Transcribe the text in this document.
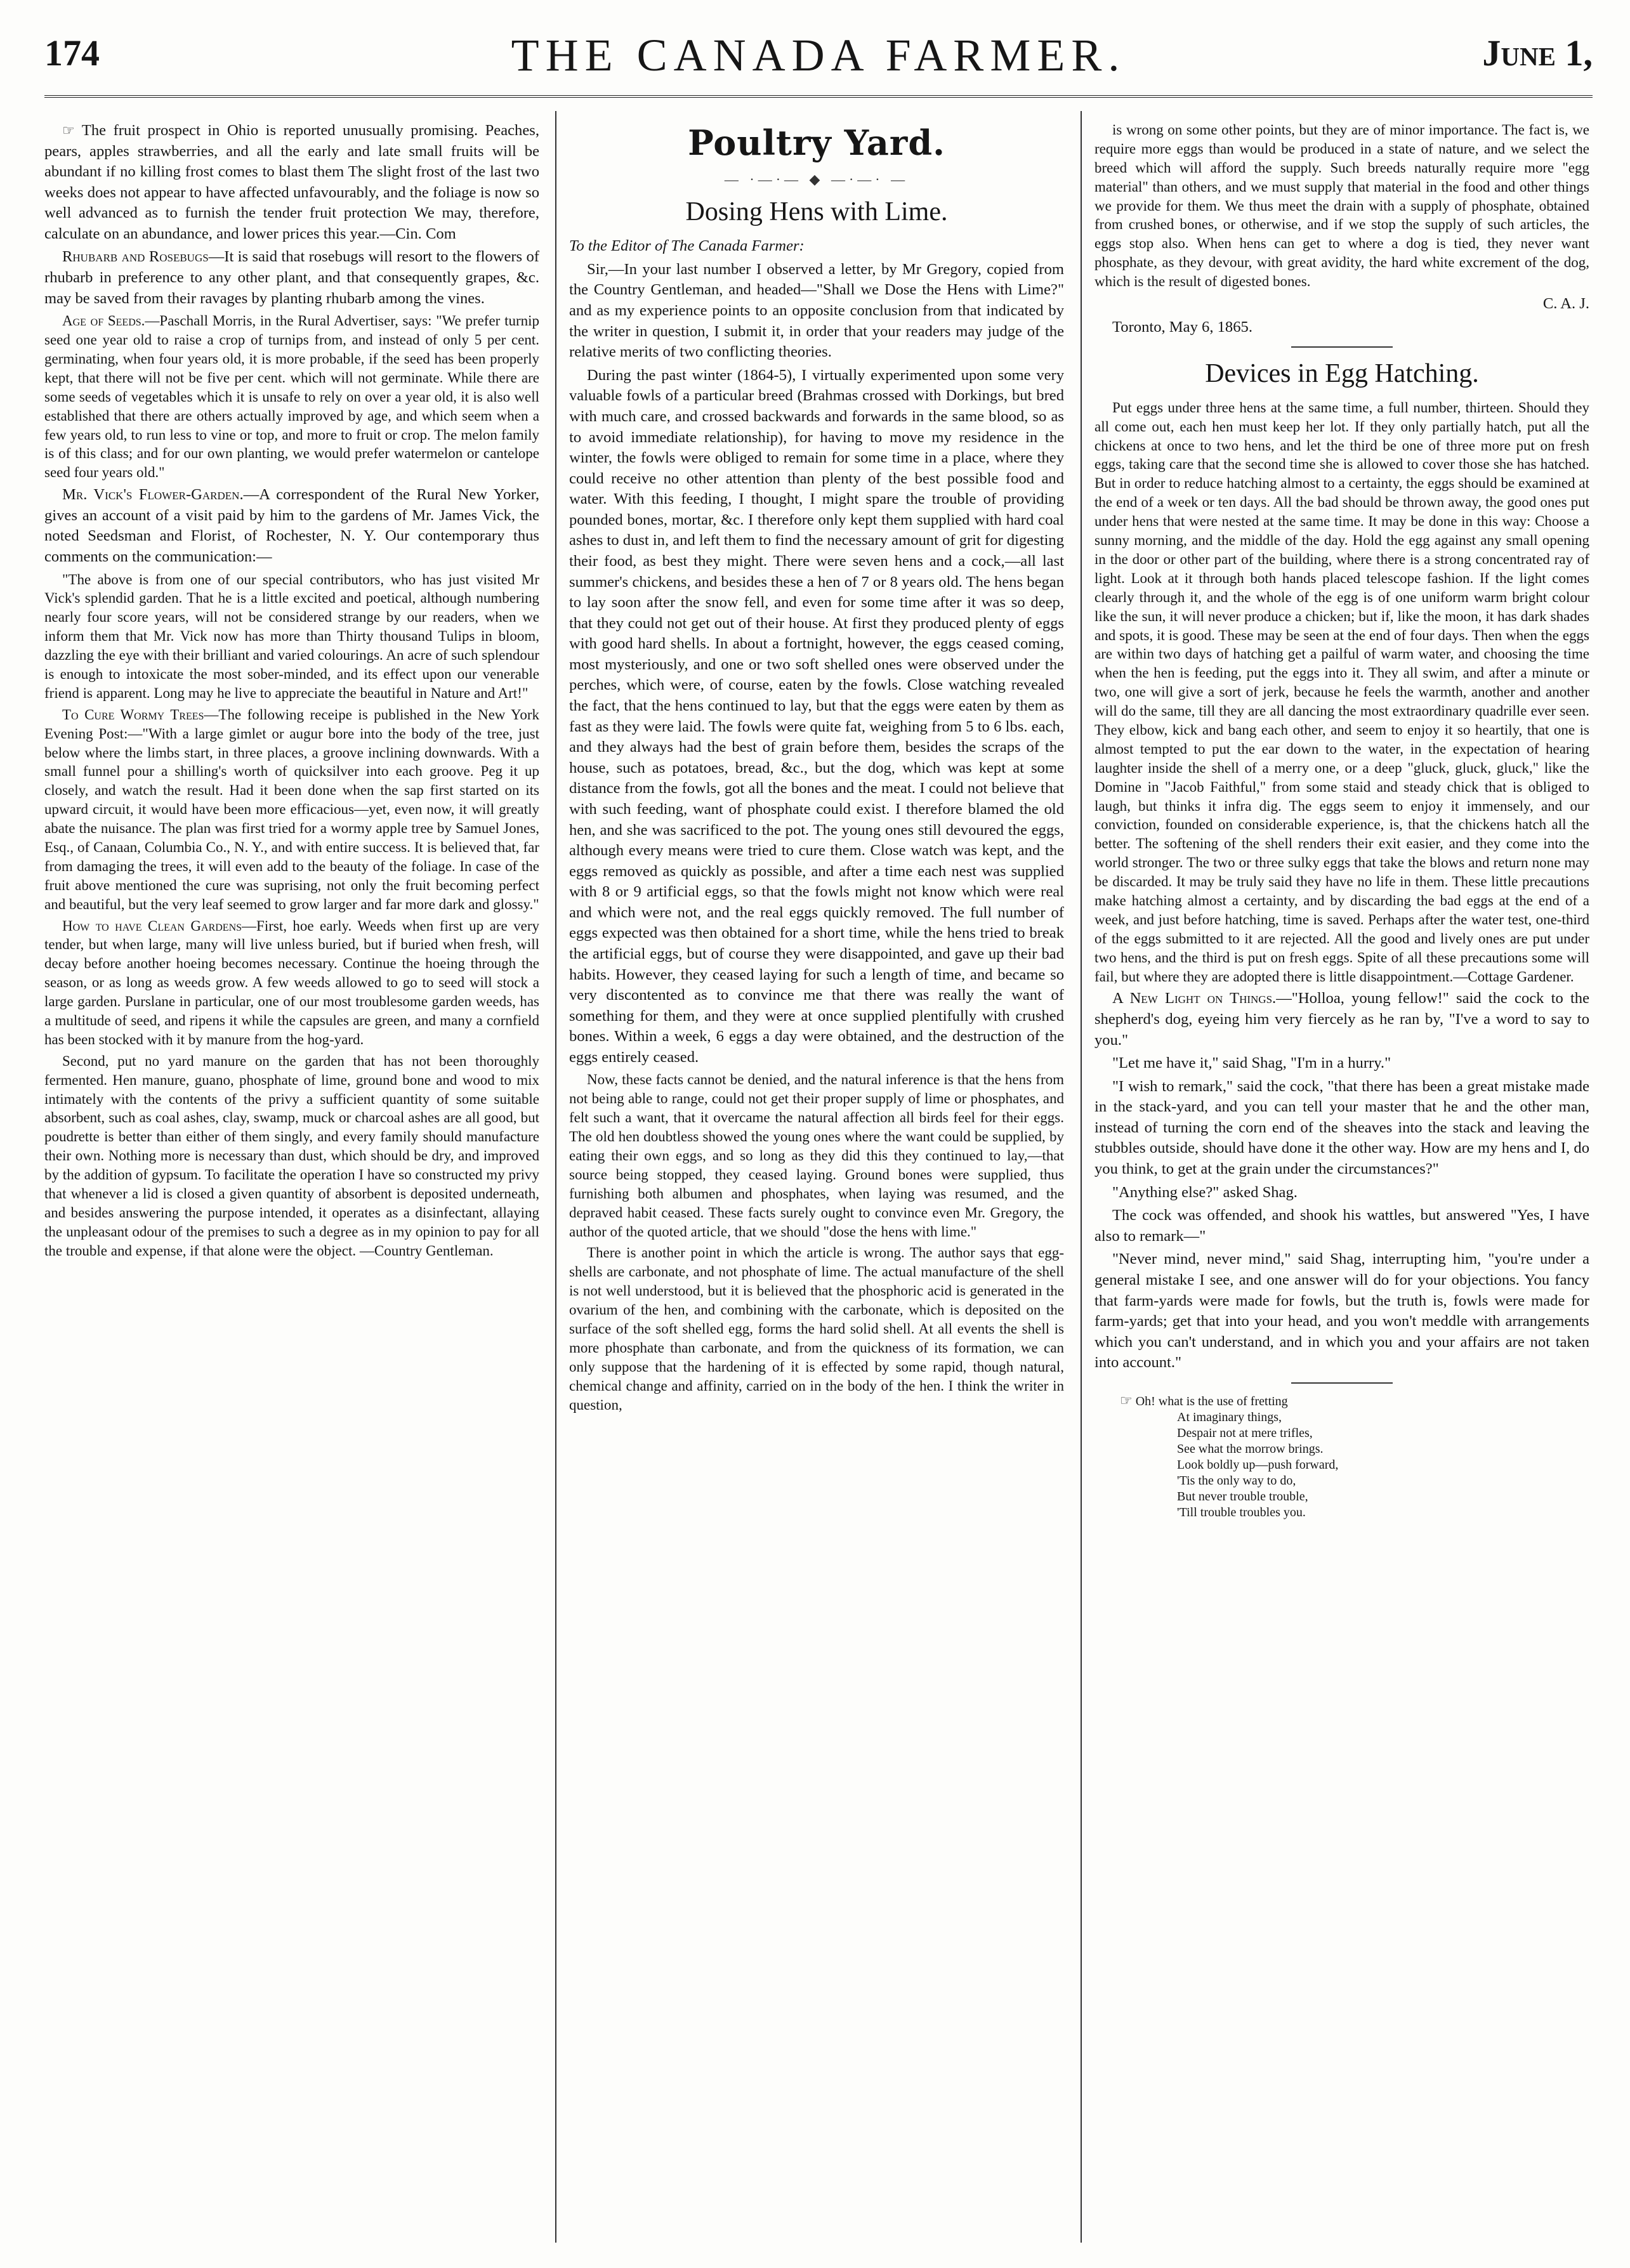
174	THE CANADA FARMER.	June 1,

☞ The fruit prospect in Ohio is reported unusually promising. Peaches, pears, apples strawberries, and all the early and late small fruits will be abundant if no killing frost comes to blast them The slight frost of the last two weeks does not appear to have affected unfavourably, and the foliage is now so well advanced as to furnish the tender fruit protection We may, therefore, calculate on an abundance, and lower prices this year.—Cin. Com

Rhubarb and Rosebugs—It is said that rosebugs will resort to the flowers of rhubarb in preference to any other plant, and that consequently grapes, &c. may be saved from their ravages by planting rhubarb among the vines.

Age of Seeds.—Paschall Morris, in the Rural Advertiser, says: "We prefer turnip seed one year old to raise a crop of turnips from, and instead of only 5 per cent. germinating, when four years old, it is more probable, if the seed has been properly kept, that there will not be five per cent. which will not germinate. While there are some seeds of vegetables which it is unsafe to rely on over a year old, it is also well established that there are others actually improved by age, and which seem when a few years old, to run less to vine or top, and more to fruit or crop. The melon family is of this class; and for our own planting, we would prefer watermelon or cantelope seed four years old."

Mr. Vick's Flower-Garden.—A correspondent of the Rural New Yorker, gives an account of a visit paid by him to the gardens of Mr. James Vick, the noted Seedsman and Florist, of Rochester, N. Y. Our contemporary thus comments on the communication:—

"The above is from one of our special contributors, who has just visited Mr Vick's splendid garden. That he is a little excited and poetical, although numbering nearly four score years, will not be considered strange by our readers, when we inform them that Mr. Vick now has more than Thirty thousand Tulips in bloom, dazzling the eye with their brilliant and varied colourings. An acre of such splendour is enough to intoxicate the most sober-minded, and its effect upon our venerable friend is apparent. Long may he live to appreciate the beautiful in Nature and Art!"

To Cure Wormy Trees—The following receipe is published in the New York Evening Post:—"With a large gimlet or augur bore into the body of the tree, just below where the limbs start, in three places, a groove inclining downwards. With a small funnel pour a shilling's worth of quicksilver into each groove. Peg it up closely, and watch the result. Had it been done when the sap first started on its upward circuit, it would have been more efficacious—yet, even now, it will greatly abate the nuisance. The plan was first tried for a wormy apple tree by Samuel Jones, Esq., of Canaan, Columbia Co., N. Y., and with entire success. It is believed that, far from damaging the trees, it will even add to the beauty of the foliage. In case of the fruit above mentioned the cure was suprising, not only the fruit becoming perfect and beautiful, but the very leaf seemed to grow larger and far more dark and glossy."

How to have Clean Gardens—First, hoe early. Weeds when first up are very tender, but when large, many will live unless buried, but if buried when fresh, will decay before another hoeing becomes necessary. Continue the hoeing through the season, or as long as weeds grow. A few weeds allowed to go to seed will stock a large garden. Purslane in particular, one of our most troublesome garden weeds, has a multitude of seed, and ripens it while the capsules are green, and many a cornfield has been stocked with it by manure from the hog-yard.

Second, put no yard manure on the garden that has not been thoroughly fermented. Hen manure, guano, phosphate of lime, ground bone and wood to mix intimately with the contents of the privy a sufficient quantity of some suitable absorbent, such as coal ashes, clay, swamp, muck or charcoal ashes are all good, but poudrette is better than either of them singly, and every family should manufacture their own. Nothing more is necessary than dust, which should be dry, and improved by the addition of gypsum. To facilitate the operation I have so constructed my privy that whenever a lid is closed a given quantity of absorbent is deposited underneath, and besides answering the purpose intended, it operates as a disinfectant, allaying the unpleasant odour of the premises to such a degree as in my opinion to pay for all the trouble and expense, if that alone were the object. —Country Gentleman.

Poultry Yard.
— ·—·— ◆ —·—· —
Dosing Hens with Lime.

To the Editor of The Canada Farmer:

Sir,—In your last number I observed a letter, by Mr Gregory, copied from the Country Gentleman, and headed—"Shall we Dose the Hens with Lime?" and as my experience points to an opposite conclusion from that indicated by the writer in question, I submit it, in order that your readers may judge of the relative merits of two conflicting theories.

During the past winter (1864-5), I virtually experimented upon some very valuable fowls of a particular breed (Brahmas crossed with Dorkings, but bred with much care, and crossed backwards and forwards in the same blood, so as to avoid immediate relationship), for having to move my residence in the winter, the fowls were obliged to remain for some time in a place, where they could receive no other attention than plenty of the best possible food and water. With this feeding, I thought, I might spare the trouble of providing pounded bones, mortar, &c. I therefore only kept them supplied with hard coal ashes to dust in, and left them to find the necessary amount of grit for digesting their food, as best they might. There were seven hens and a cock,—all last summer's chickens, and besides these a hen of 7 or 8 years old. The hens began to lay soon after the snow fell, and even for some time after it was so deep, that they could not get out of their house. At first they produced plenty of eggs with good hard shells. In about a fortnight, however, the eggs ceased coming, most mysteriously, and one or two soft shelled ones were observed under the perches, which were, of course, eaten by the fowls. Close watching revealed the fact, that the hens continued to lay, but that the eggs were eaten by them as fast as they were laid. The fowls were quite fat, weighing from 5 to 6 lbs. each, and they always had the best of grain before them, besides the scraps of the house, such as potatoes, bread, &c., but the dog, which was kept at some distance from the fowls, got all the bones and the meat. I could not believe that with such feeding, want of phosphate could exist. I therefore blamed the old hen, and she was sacrificed to the pot. The young ones still devoured the eggs, although every means were tried to cure them. Close watch was kept, and the eggs removed as quickly as possible, and after a time each nest was supplied with 8 or 9 artificial eggs, so that the fowls might not know which were real and which were not, and the real eggs quickly removed. The full number of eggs expected was then obtained for a short time, while the hens tried to break the artificial eggs, but of course they were disappointed, and gave up their bad habits. However, they ceased laying for such a length of time, and became so very discontented as to convince me that there was really the want of something for them, and they were at once supplied plentifully with crushed bones. Within a week, 6 eggs a day were obtained, and the destruction of the eggs entirely ceased.

Now, these facts cannot be denied, and the natural inference is that the hens from not being able to range, could not get their proper supply of lime or phosphates, and felt such a want, that it overcame the natural affection all birds feel for their eggs. The old hen doubtless showed the young ones where the want could be supplied, by eating their own eggs, and so long as they did this they continued to lay,—that source being stopped, they ceased laying. Ground bones were supplied, thus furnishing both albumen and phosphates, when laying was resumed, and the depraved habit ceased. These facts surely ought to convince even Mr. Gregory, the author of the quoted article, that we should "dose the hens with lime."

There is another point in which the article is wrong. The author says that egg-shells are carbonate, and not phosphate of lime. The actual manufacture of the shell is not well understood, but it is believed that the phosphoric acid is generated in the ovarium of the hen, and combining with the carbonate, which is deposited on the surface of the soft shelled egg, forms the hard solid shell. At all events the shell is more phosphate than carbonate, and from the quickness of its formation, we can only suppose that the hardening of it is effected by some rapid, though natural, chemical change and affinity, carried on in the body of the hen. I think the writer in question,

is wrong on some other points, but they are of minor importance. The fact is, we require more eggs than would be produced in a state of nature, and we select the breed which will afford the supply. Such breeds naturally require more "egg material" than others, and we must supply that material in the food and other things we provide for them. We thus meet the drain with a supply of phosphate, obtained from crushed bones, or otherwise, and if we stop the supply of such articles, the eggs stop also. When hens can get to where a dog is tied, they never want phosphate, as they devour, with great avidity, the hard white excrement of the dog, which is the result of digested bones.

C. A. J.

Toronto, May 6, 1865.

Devices in Egg Hatching.

Put eggs under three hens at the same time, a full number, thirteen. Should they all come out, each hen must keep her lot. If they only partially hatch, put all the chickens at once to two hens, and let the third be one of three more put on fresh eggs, taking care that the second time she is allowed to cover those she has hatched. But in order to reduce hatching almost to a certainty, the eggs should be examined at the end of a week or ten days. All the bad should be thrown away, the good ones put under hens that were nested at the same time. It may be done in this way: Choose a sunny morning, and the middle of the day. Hold the egg against any small opening in the door or other part of the building, where there is a strong concentrated ray of light. Look at it through both hands placed telescope fashion. If the light comes clearly through it, and the whole of the egg is of one uniform warm bright colour like the sun, it will never produce a chicken; but if, like the moon, it has dark shades and spots, it is good. These may be seen at the end of four days. Then when the eggs are within two days of hatching get a pailful of warm water, and choosing the time when the hen is feeding, put the eggs into it. They all swim, and after a minute or two, one will give a sort of jerk, because he feels the warmth, another and another will do the same, till they are all dancing the most extraordinary quadrille ever seen. They elbow, kick and bang each other, and seem to enjoy it so heartily, that one is almost tempted to put the ear down to the water, in the expectation of hearing laughter inside the shell of a merry one, or a deep "gluck, gluck, gluck," like the Domine in "Jacob Faithful," from some staid and steady chick that is obliged to laugh, but thinks it infra dig. The eggs seem to enjoy it immensely, and our conviction, founded on considerable experience, is, that the chickens hatch all the better. The softening of the shell renders their exit easier, and they come into the world stronger. The two or three sulky eggs that take the blows and return none may be discarded. It may be truly said they have no life in them. These little precautions make hatching almost a certainty, and by discarding the bad eggs at the end of a week, and just before hatching, time is saved. Perhaps after the water test, one-third of the eggs submitted to it are rejected. All the good and lively ones are put under two hens, and the third is put on fresh eggs. Spite of all these precautions some will fail, but where they are adopted there is little disappointment.—Cottage Gardener.

A New Light on Things.—"Holloa, young fellow!" said the cock to the shepherd's dog, eyeing him very fiercely as he ran by, "I've a word to say to you."

"Let me have it," said Shag, "I'm in a hurry."

"I wish to remark," said the cock, "that there has been a great mistake made in the stack-yard, and you can tell your master that he and the other man, instead of turning the corn end of the sheaves into the stack and leaving the stubbles outside, should have done it the other way. How are my hens and I, do you think, to get at the grain under the circumstances?"

"Anything else?" asked Shag.

The cock was offended, and shook his wattles, but answered "Yes, I have also to remark—"

"Never mind, never mind," said Shag, interrupting him, "you're under a general mistake I see, and one answer will do for your objections. You fancy that farm-yards were made for fowls, but the truth is, fowls were made for farm-yards; get that into your head, and you won't meddle with arrangements which you can't understand, and in which you and your affairs are not taken into account."

☞ Oh! what is the use of fretting
At imaginary things,
Despair not at mere trifles,
See what the morrow brings.
Look boldly up—push forward,
'Tis the only way to do,
But never trouble trouble,
'Till trouble troubles you.
